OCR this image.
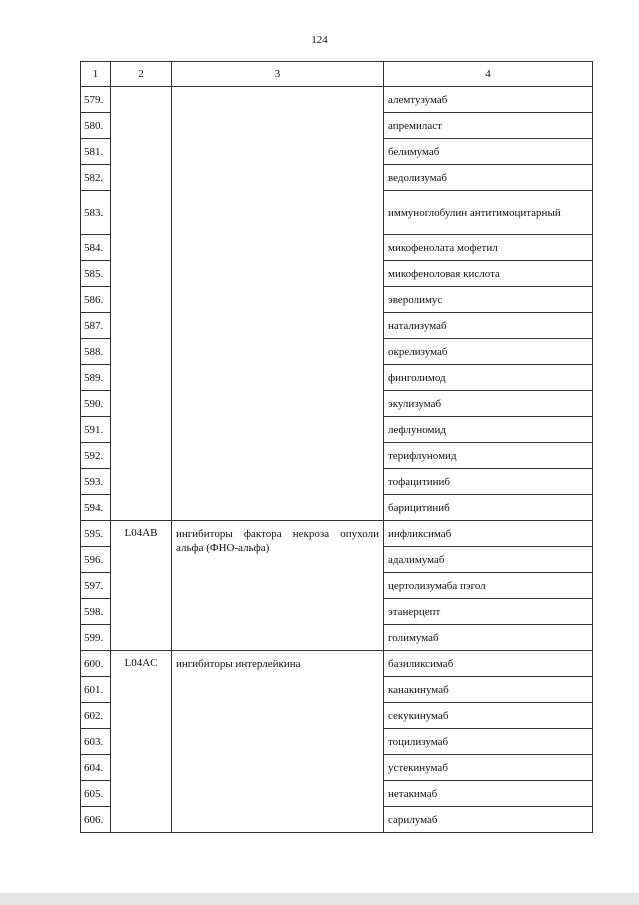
124
1	2	3	4
579.			алемтузумаб
580.			апремиласт
581.			белимумаб
582.			ведолизумаб
583.			иммуноглобулин антитимоцитарный
584.			микофенолата мофетил
585.			микофеноловая кислота
586.			эверолимус
587.			натализумаб
588.			окрелизумаб
589.			финголимод
590.			экулизумаб
591.			лефлуномид
592.			терифлуномид
593.			тофацитиниб
594.			барицитиниб
595.	L04AB	ингибиторы фактора некроза опухоли альфа (ФНО-альфа)	инфликсимаб
596.			адалимумаб
597.			цертолизумаба пэгол
598.			этанерцепт
599.			голимумаб
600.	L04AC	ингибиторы интерлейкина	базиликсимаб
601.			канакинумаб
602.			секукинумаб
603.			тоцилизумаб
604.			устекинумаб
605.			нетакимаб
606.			сарилумаб
